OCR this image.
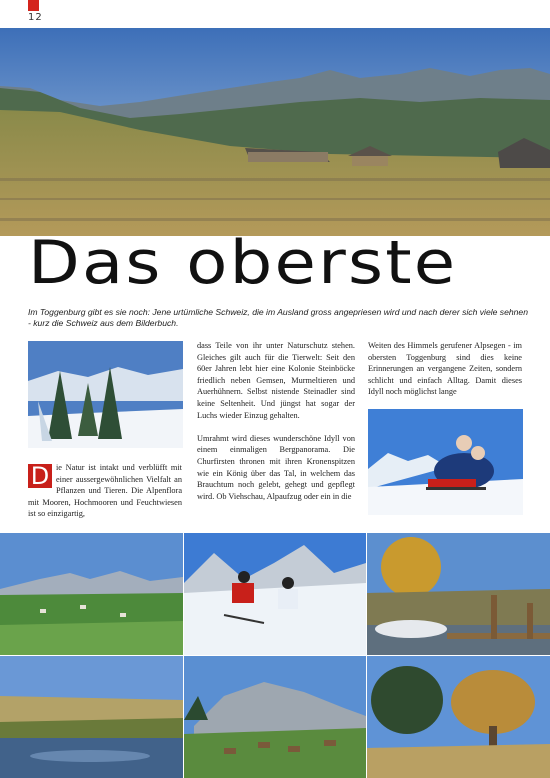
12
Das oberste
Im Toggenburg gibt es sie noch: Jene urtümliche Schweiz, die im Ausland gross angepriesen wird und nach derer sich viele sehnen - kurz die Schweiz aus dem Bilderbuch.
D ie Natur ist intakt und verblüfft mit einer aussergewöhnlichen Vielfalt an Pflanzen und Tieren. Die Alpenflora mit Mooren, Hochmooren und Feuchtwiesen ist so einzigartig,
dass Teile von ihr unter Naturschutz stehen. Gleiches gilt auch für die Tierwelt: Seit den 60er Jahren lebt hier eine Kolonie Steinböcke friedlich neben Gemsen, Murmeltieren und Auerhühnern. Selbst nistende Steinadler sind keine Seltenheit. Und jüngst hat sogar der Luchs wieder Einzug gehalten.
Umrahmt wird dieses wunderschöne Idyll von einem einmaligen Bergpanorama. Die Churfirsten thronen mit ihren Kronenspitzen wie ein König über das Tal, in welchem das Brauchtum noch gelebt, gehegt und gepflegt wird. Ob Viehschau, Alpaufzug oder ein in die
Weiten des Himmels gerufener Alpsegen - im obersten Toggenburg sind dies keine Erinnerungen an vergangene Zeiten, sondern schlicht und einfach Alltag. Damit dieses Idyll noch möglichst lange
